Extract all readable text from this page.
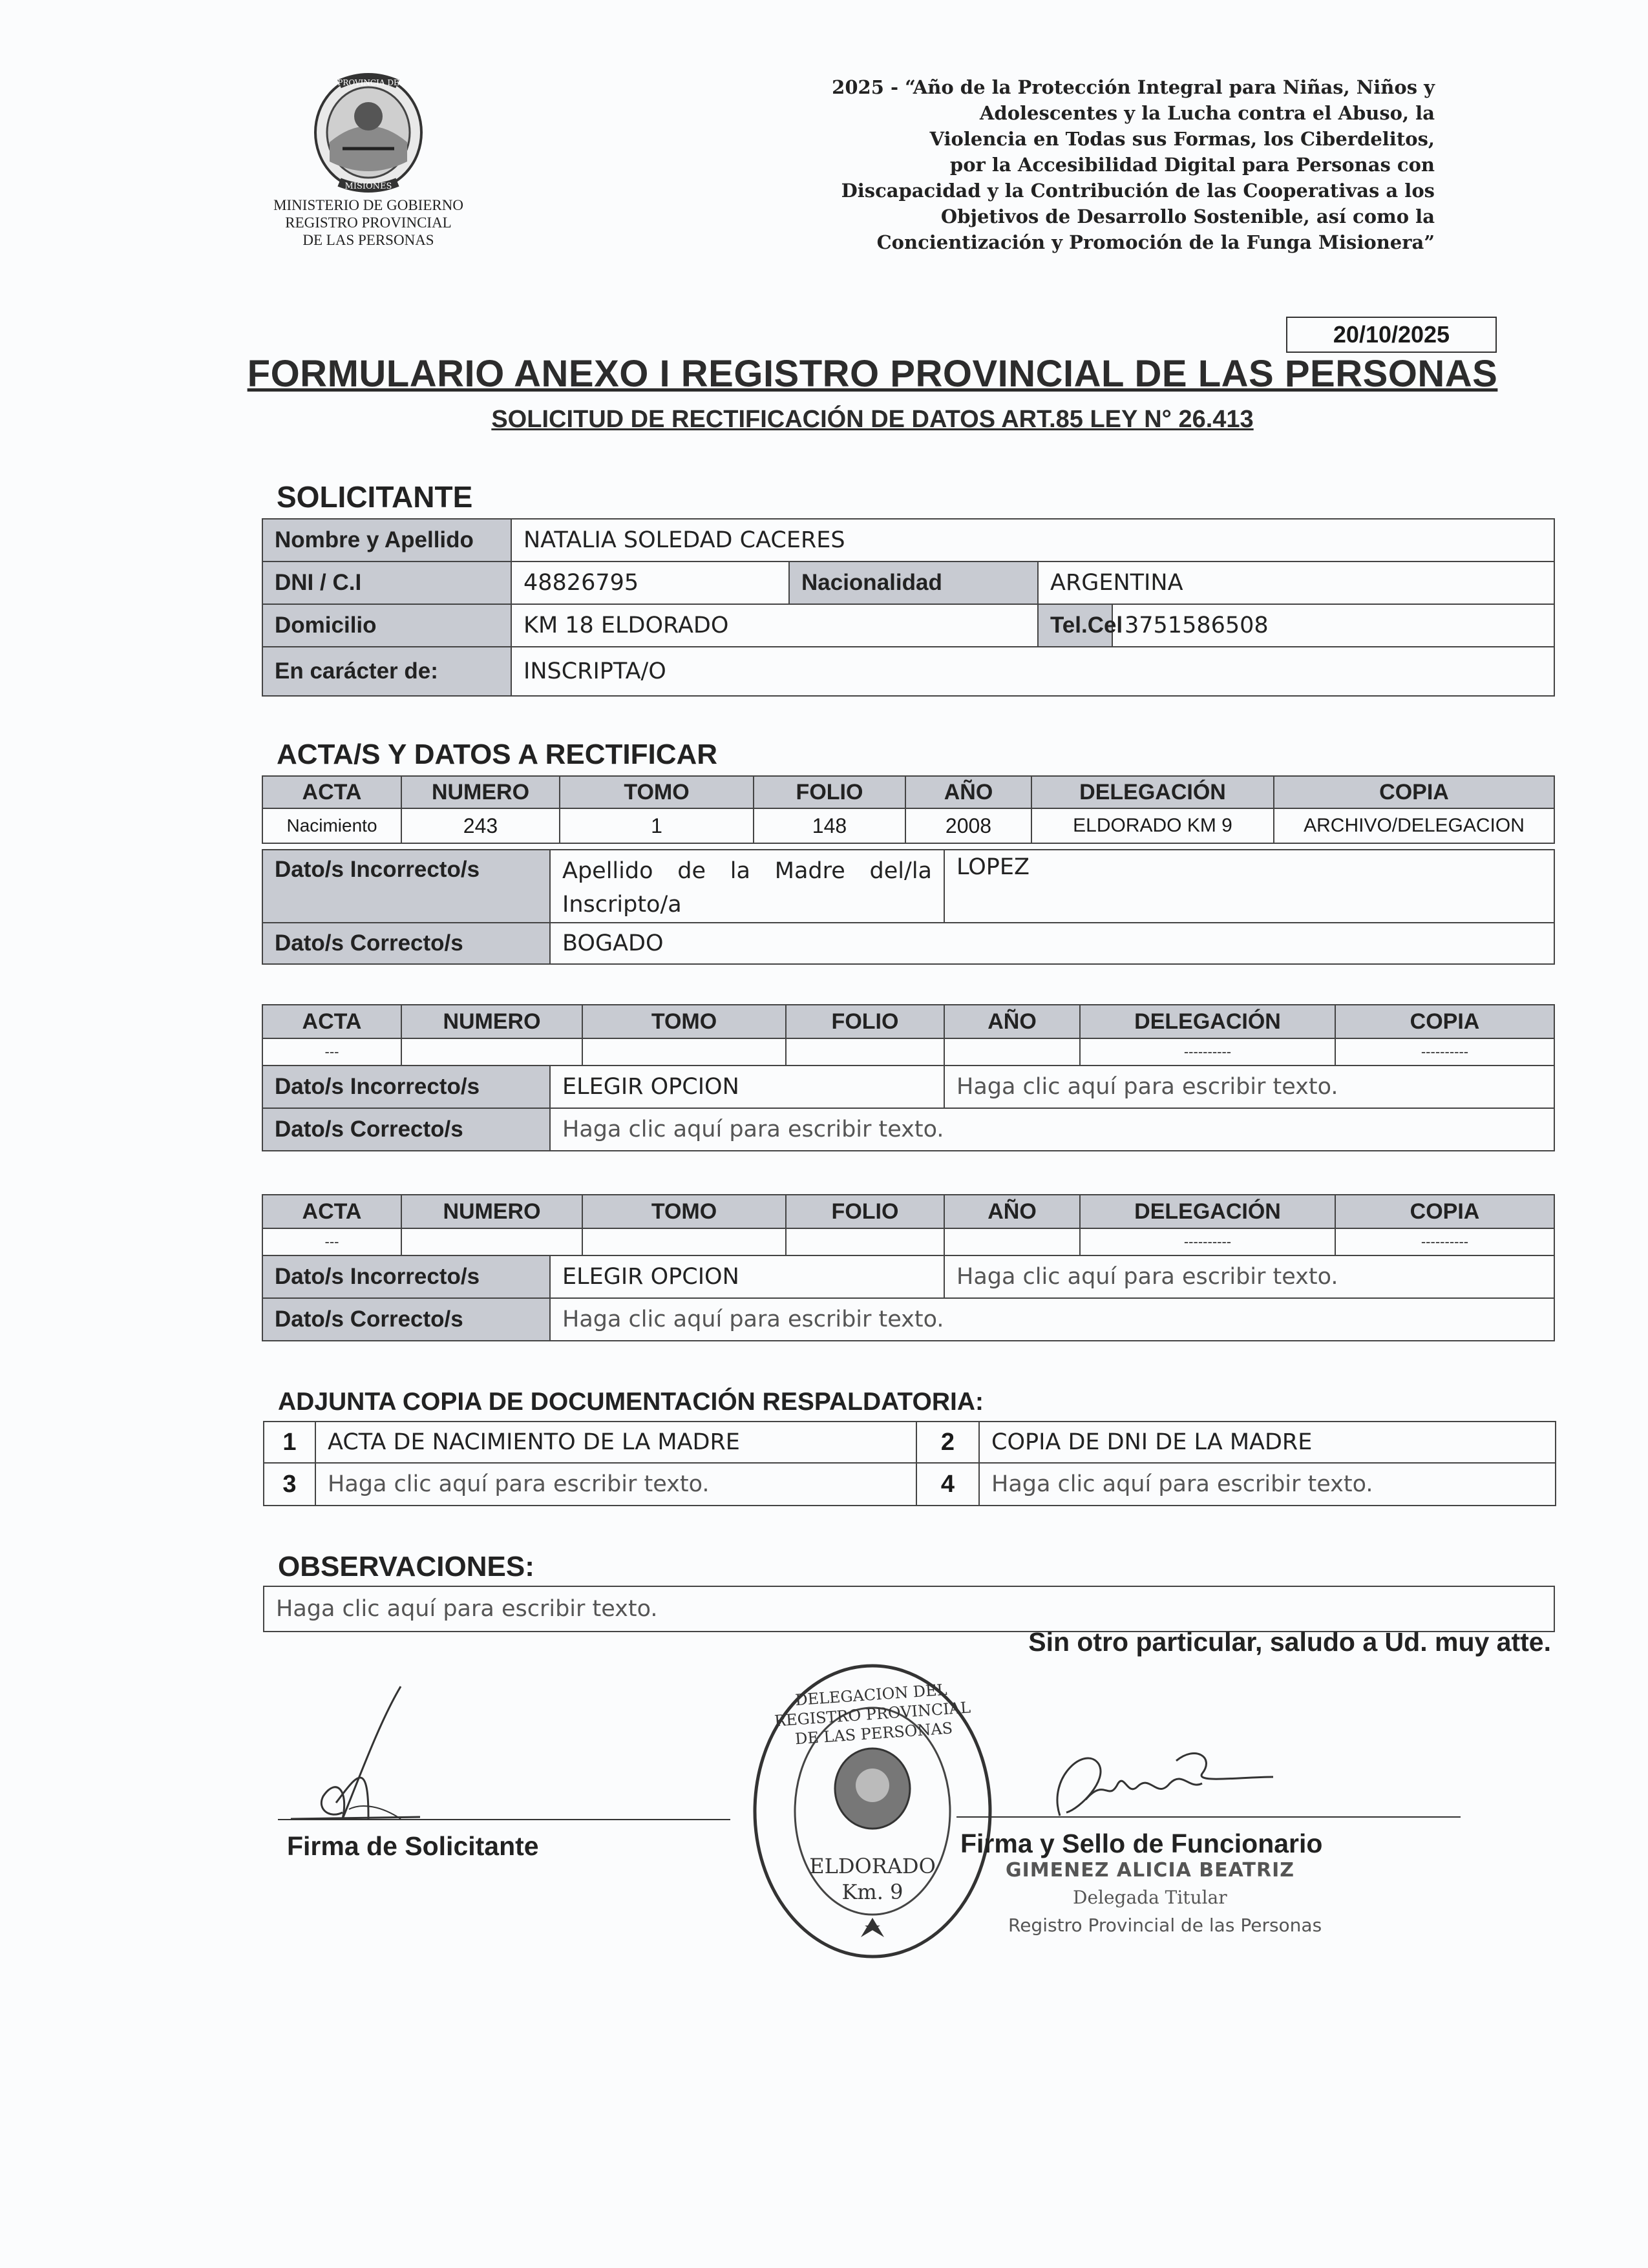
PROVINCIA DE
MISIONES
MINISTERIO DE GOBIERNO
REGISTRO PROVINCIAL
DE LAS PERSONAS
2025 - “Año de la Protección Integral para Niñas, Niños y
Adolescentes y la Lucha contra el Abuso, la
Violencia en Todas sus Formas, los Ciberdelitos,
por la Accesibilidad Digital para Personas con
Discapacidad y la Contribución de las Cooperativas a los
Objetivos de Desarrollo Sostenible, así como la
Concientización y Promoción de la Funga Misionera”
20/10/2025
FORMULARIO ANEXO I REGISTRO PROVINCIAL DE LAS PERSONAS
SOLICITUD DE RECTIFICACIÓN DE DATOS ART.85 LEY N° 26.413
SOLICITANTE
Nombre y Apellido	NATALIA SOLEDAD CACERES			
DNI / C.I	48826795	Nacionalidad	ARGENTINA	
Domicilio	KM 18 ELDORADO		Tel.Cel	3751586508
En carácter de:	INSCRIPTA/O			
ACTA/S Y DATOS A RECTIFICAR
ACTA	NUMERO	TOMO	FOLIO	AÑO	DELEGACIÓN	COPIA
Nacimiento	243	1	148	2008	ELDORADO KM 9	ARCHIVO/DELEGACION
Dato/s Incorrecto/s	Apellido de la Madre del/la Inscripto/a	LOPEZ
Dato/s Correcto/s	BOGADO	
ACTA	NUMERO	TOMO	FOLIO	AÑO	DELEGACIÓN	COPIA
---					----------	----------
Dato/s Incorrecto/s	ELEGIR OPCION	Haga clic aquí para escribir texto.
Dato/s Correcto/s	Haga clic aquí para escribir texto.	
ACTA	NUMERO	TOMO	FOLIO	AÑO	DELEGACIÓN	COPIA
---					----------	----------
Dato/s Incorrecto/s	ELEGIR OPCION	Haga clic aquí para escribir texto.
Dato/s Correcto/s	Haga clic aquí para escribir texto.	
ADJUNTA COPIA DE DOCUMENTACIÓN RESPALDATORIA:
1	ACTA DE NACIMIENTO DE LA MADRE	2	COPIA DE DNI DE LA MADRE
3	Haga clic aquí para escribir texto.	4	Haga clic aquí para escribir texto.
OBSERVACIONES:
Haga clic aquí para escribir texto.
Sin otro particular, saludo a Ud. muy atte.
Firma de Solicitante
DELEGACION DEL REGISTRO PROVINCIAL DE LAS PERSONAS
ELDORADO Km. 9
Firma y Sello de Funcionario
GIMENEZ ALICIA BEATRIZ
Delegada Titular
Registro Provincial de las Personas
